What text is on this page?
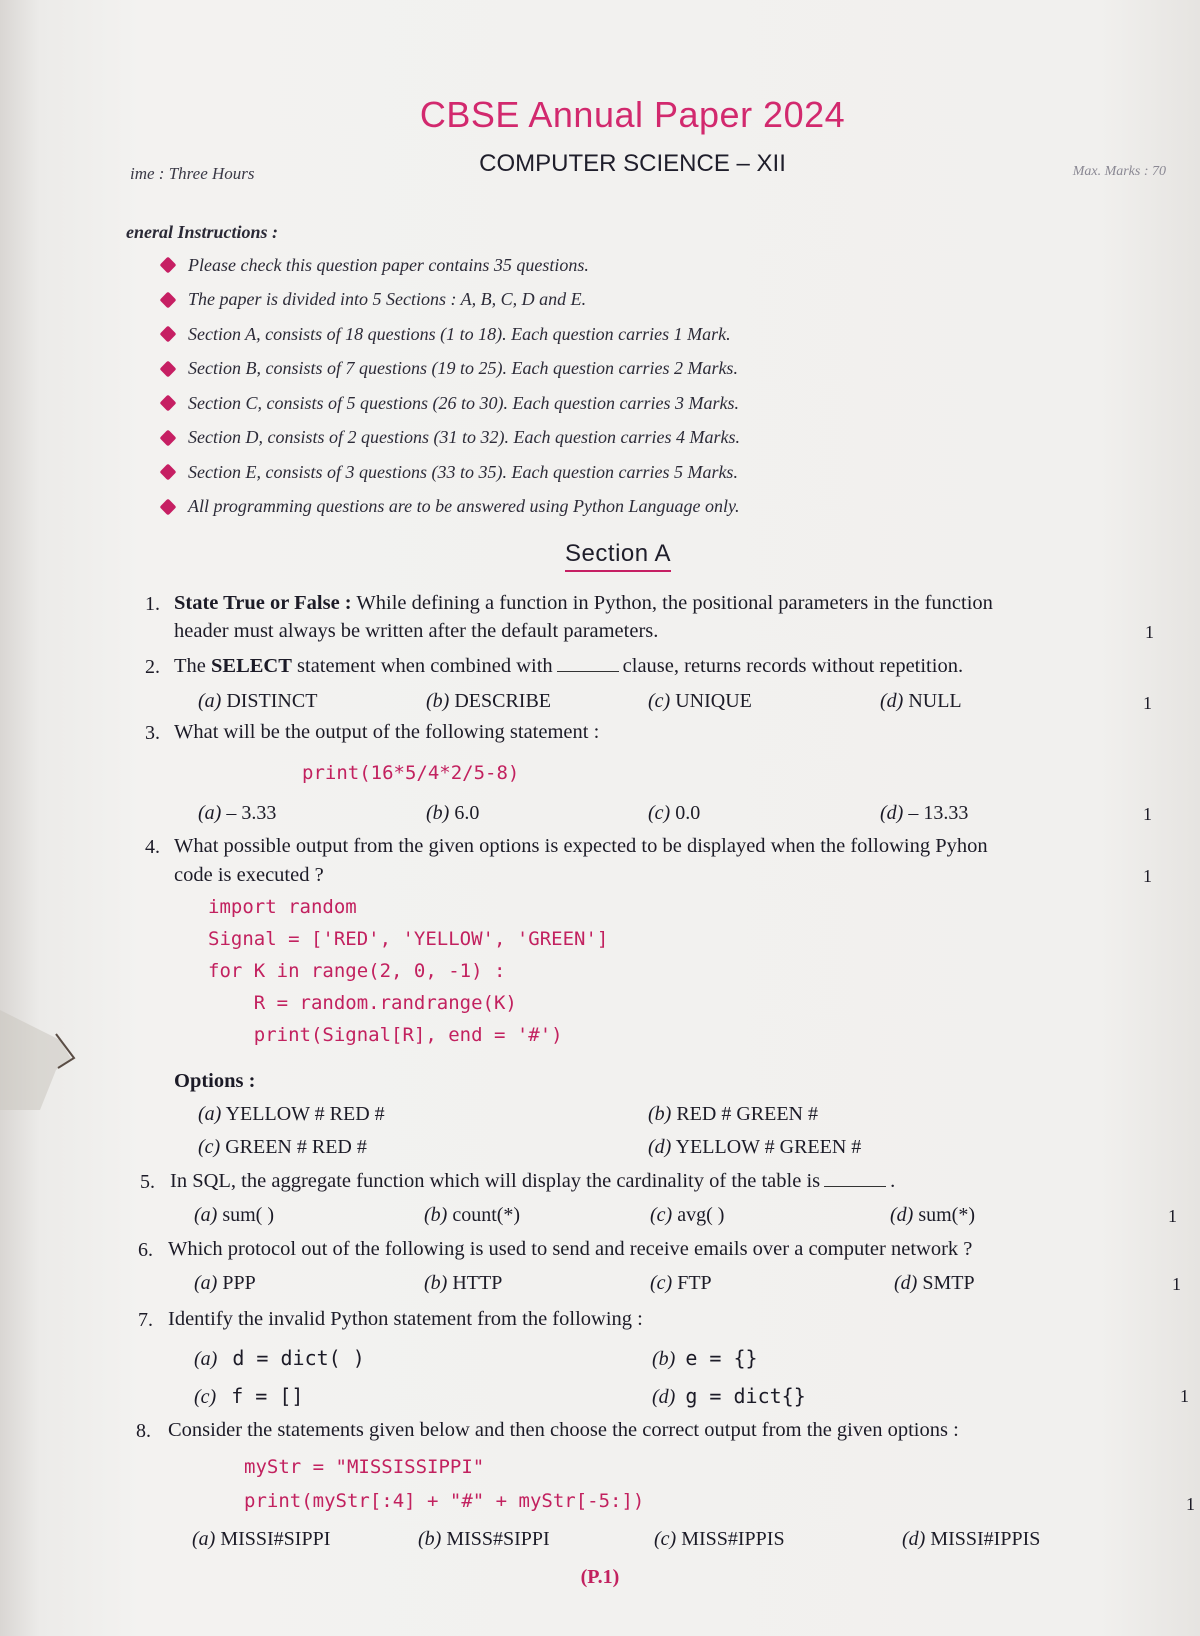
CBSE Annual Paper 2024
ime : Three Hours	COMPUTER SCIENCE – XII	Max. Marks : 70
eneral Instructions :
Please check this question paper contains 35 questions.
The paper is divided into 5 Sections : A, B, C, D and E.
Section A, consists of 18 questions (1 to 18). Each question carries 1 Mark.
Section B, consists of 7 questions (19 to 25). Each question carries 2 Marks.
Section C, consists of 5 questions (26 to 30). Each question carries 3 Marks.
Section D, consists of 2 questions (31 to 32). Each question carries 4 Marks.
Section E, consists of 3 questions (33 to 35). Each question carries 5 Marks.
All programming questions are to be answered using Python Language only.
Section A
1. State True or False : While defining a function in Python, the positional parameters in the function
header must always be written after the default parameters.	1
2. The SELECT statement when combined with	clause, returns records without repetition.
(a) DISTINCT	(b) DESCRIBE	(c) UNIQUE	(d) NULL	1
3. What will be the output of the following statement :
print(16*5/4*2/5-8)
(a) – 3.33	(b) 6.0	(c) 0.0	(d) – 13.33	1
4. What possible output from the given options is expected to be displayed when the following Pyhon
code is executed ?	1
import random
Signal = ['RED', 'YELLOW', 'GREEN']
for K in range(2, 0, -1) :
R = random.randrange(K)
print(Signal[R], end = '#')
Options :
(a) YELLOW # RED #	(b) RED # GREEN #
(c) GREEN # RED #	(d) YELLOW # GREEN #
5. In SQL, the aggregate function which will display the cardinality of the table is	.
(a) sum( )	(b) count(*)	(c) avg( )	(d) sum(*)	1
6. Which protocol out of the following is used to send and receive emails over a computer network ?
(a) PPP	(b) HTTP	(c) FTP	(d) SMTP	1
7. Identify the invalid Python statement from the following :
(a) d = dict( )	(b) e = {}
(c) f = []	(d) g = dict{}	1
8. Consider the statements given below and then choose the correct output from the given options :
myStr = "MISSISSIPPI"
print(myStr[:4] + "#" + myStr[-5:])	1
(a) MISSI#SIPPI	(b) MISS#SIPPI	(c) MISS#IPPIS	(d) MISSI#IPPIS
(P.1)
